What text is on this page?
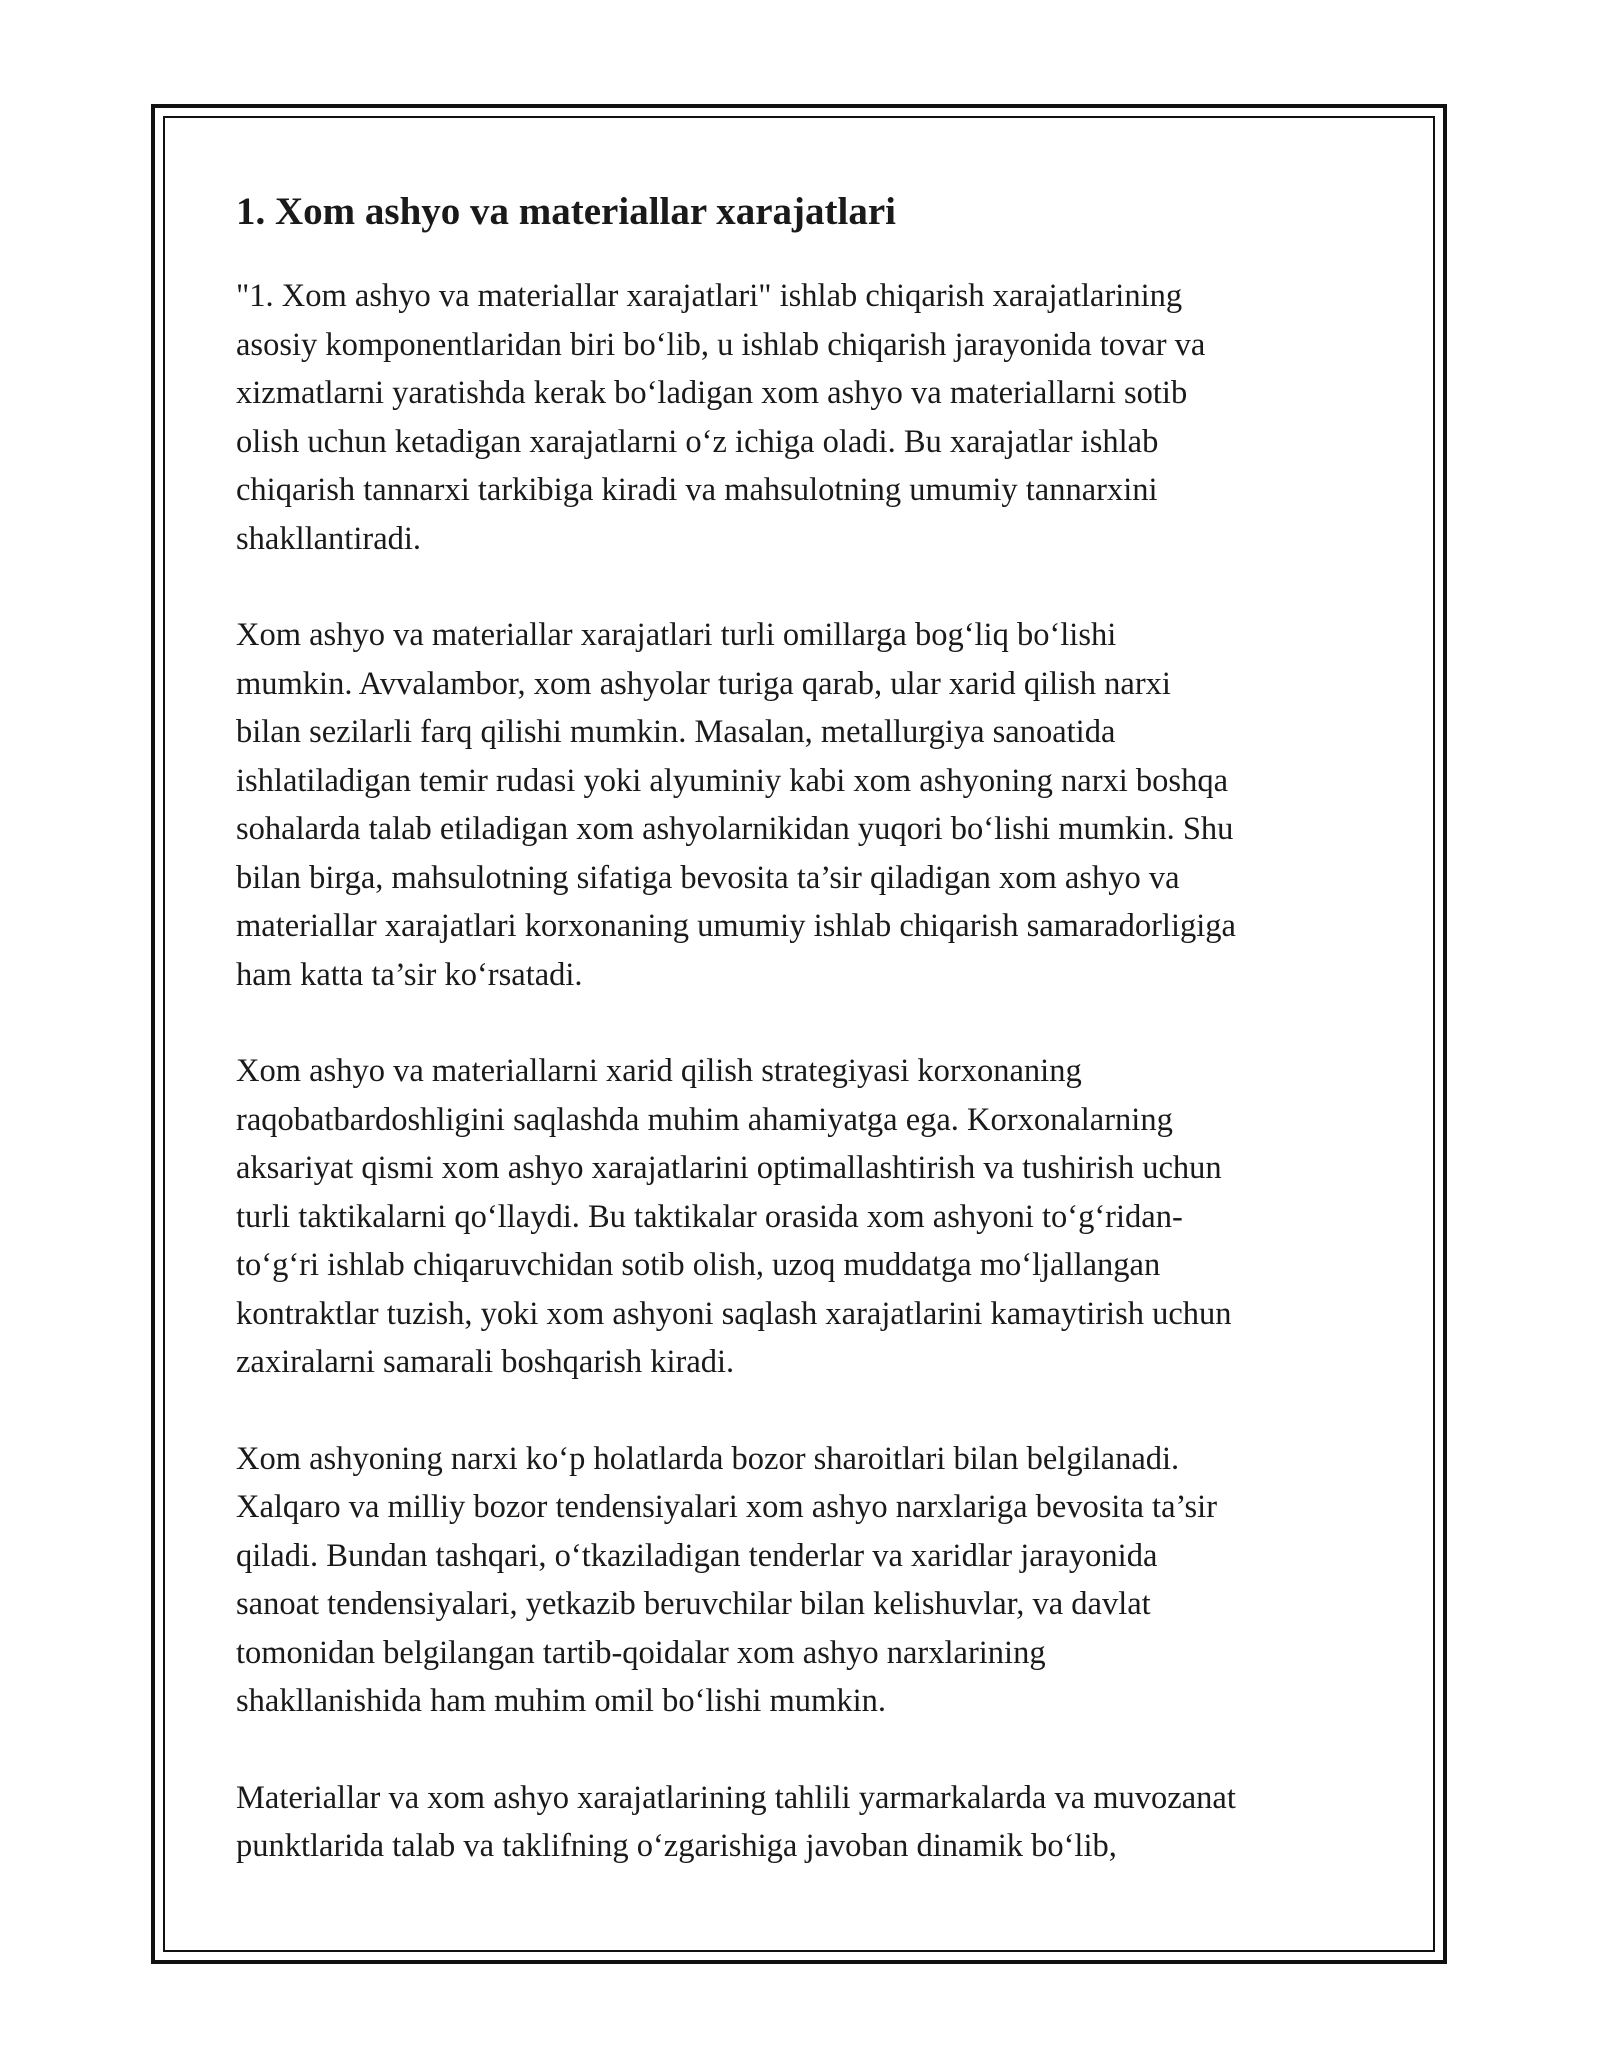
1. Xom ashyo va materiallar xarajatlari

"1. Xom ashyo va materiallar xarajatlari" ishlab chiqarish xarajatlarining
asosiy komponentlaridan biri bo‘lib, u ishlab chiqarish jarayonida tovar va
xizmatlarni yaratishda kerak bo‘ladigan xom ashyo va materiallarni sotib
olish uchun ketadigan xarajatlarni o‘z ichiga oladi. Bu xarajatlar ishlab
chiqarish tannarxi tarkibiga kiradi va mahsulotning umumiy tannarxini
shakllantiradi.

Xom ashyo va materiallar xarajatlari turli omillarga bog‘liq bo‘lishi
mumkin. Avvalambor, xom ashyolar turiga qarab, ular xarid qilish narxi
bilan sezilarli farq qilishi mumkin. Masalan, metallurgiya sanoatida
ishlatiladigan temir rudasi yoki alyuminiy kabi xom ashyoning narxi boshqa
sohalarda talab etiladigan xom ashyolarnikidan yuqori bo‘lishi mumkin. Shu
bilan birga, mahsulotning sifatiga bevosita ta’sir qiladigan xom ashyo va
materiallar xarajatlari korxonaning umumiy ishlab chiqarish samaradorligiga
ham katta ta’sir ko‘rsatadi.

Xom ashyo va materiallarni xarid qilish strategiyasi korxonaning
raqobatbardoshligini saqlashda muhim ahamiyatga ega. Korxonalarning
aksariyat qismi xom ashyo xarajatlarini optimallashtirish va tushirish uchun
turli taktikalarni qo‘llaydi. Bu taktikalar orasida xom ashyoni to‘g‘ridan-
to‘g‘ri ishlab chiqaruvchidan sotib olish, uzoq muddatga mo‘ljallangan
kontraktlar tuzish, yoki xom ashyoni saqlash xarajatlarini kamaytirish uchun
zaxiralarni samarali boshqarish kiradi.

Xom ashyoning narxi ko‘p holatlarda bozor sharoitlari bilan belgilanadi.
Xalqaro va milliy bozor tendensiyalari xom ashyo narxlariga bevosita ta’sir
qiladi. Bundan tashqari, o‘tkaziladigan tenderlar va xaridlar jarayonida
sanoat tendensiyalari, yetkazib beruvchilar bilan kelishuvlar, va davlat
tomonidan belgilangan tartib-qoidalar xom ashyo narxlarining
shakllanishida ham muhim omil bo‘lishi mumkin.

Materiallar va xom ashyo xarajatlarining tahlili yarmarkalarda va muvozanat
punktlarida talab va taklifning o‘zgarishiga javoban dinamik bo‘lib,
